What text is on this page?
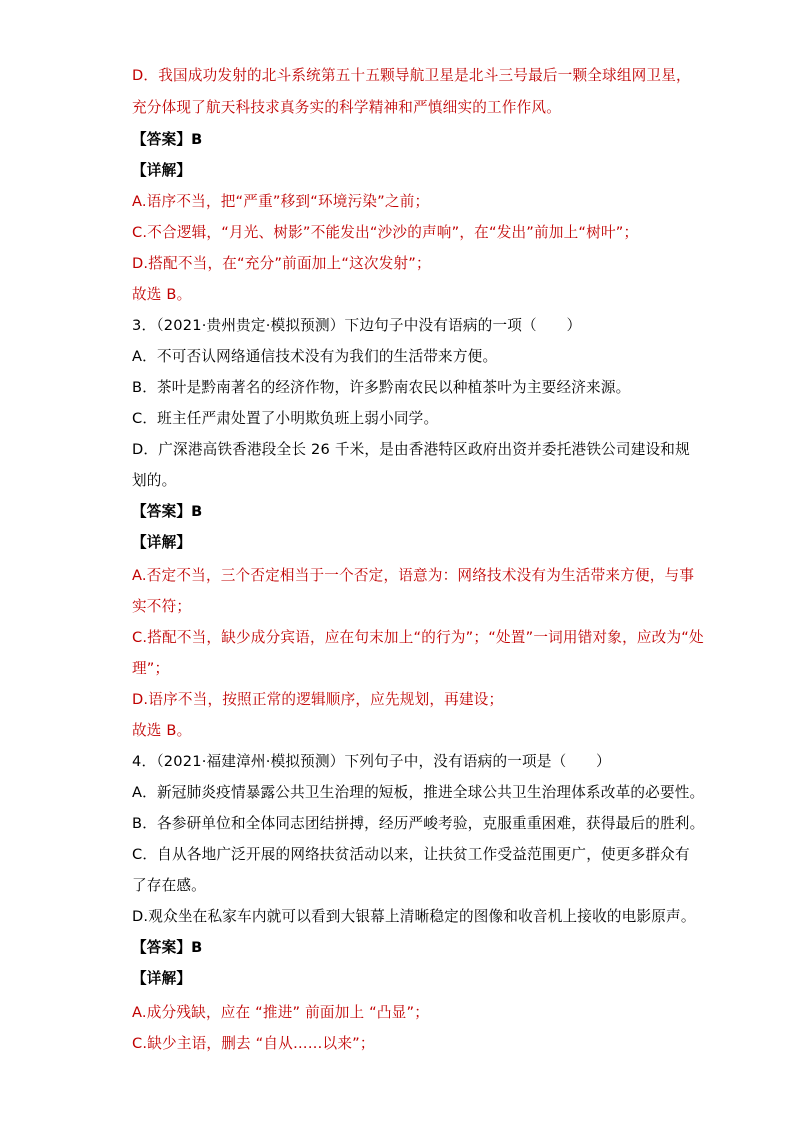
D．我国成功发射的北斗系统第五十五颗导航卫星是北斗三号最后一颗全球组网卫星，
充分体现了航天科技求真务实的科学精神和严慎细实的工作作风。
【答案】B
【详解】
A.语序不当，把“严重”移到“环境污染”之前；
C.不合逻辑，“月光、树影”不能发出“沙沙的声响”，在“发出”前加上“树叶”；
D.搭配不当，在“充分”前面加上“这次发射”；
故选 B。
3．（2021·贵州贵定·模拟预测）下边句子中没有语病的一项（　　）
A．不可否认网络通信技术没有为我们的生活带来方便。
B．茶叶是黔南著名的经济作物，许多黔南农民以种植茶叶为主要经济来源。
C．班主任严肃处置了小明欺负班上弱小同学。
D．广深港高铁香港段全长 26 千米，是由香港特区政府出资并委托港铁公司建设和规
划的。
【答案】B
【详解】
A.否定不当，三个否定相当于一个否定，语意为：网络技术没有为生活带来方便，与事
实不符；
C.搭配不当，缺少成分宾语，应在句末加上“的行为”；“处置”一词用错对象，应改为“处
理”；
D.语序不当，按照正常的逻辑顺序，应先规划，再建设；
故选 B。
4．（2021·福建漳州·模拟预测）下列句子中，没有语病的一项是（　　）
A．新冠肺炎疫情暴露公共卫生治理的短板，推进全球公共卫生治理体系改革的必要性。
B．各参研单位和全体同志团结拼搏，经历严峻考验，克服重重困难，获得最后的胜利。
C．自从各地广泛开展的网络扶贫活动以来，让扶贫工作受益范围更广，使更多群众有
了存在感。
D.观众坐在私家车内就可以看到大银幕上清晰稳定的图像和收音机上接收的电影原声。
【答案】B
【详解】
A.成分残缺，应在 “推进” 前面加上 “凸显”；
C.缺少主语，删去 “自从……以来”；
